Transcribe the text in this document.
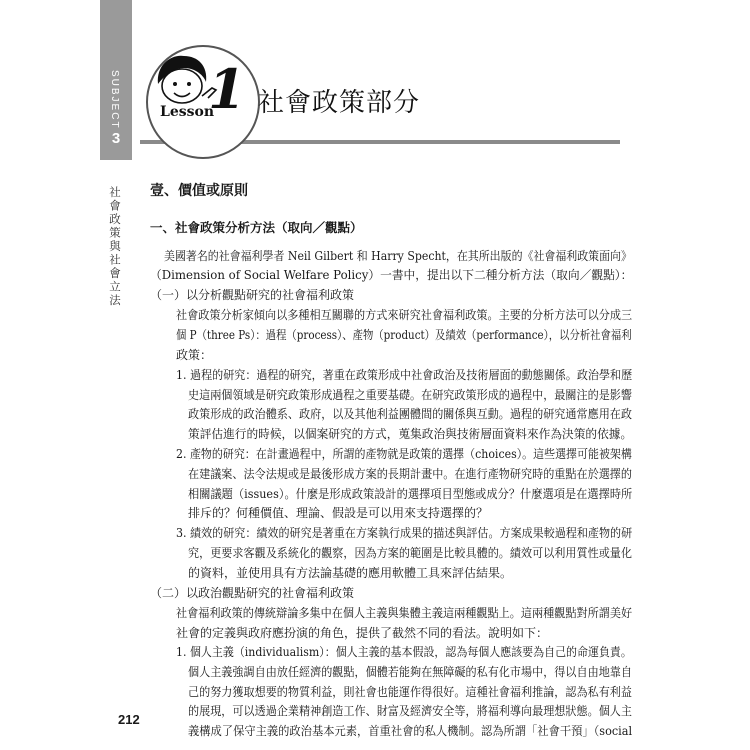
SUBJECT
3
社會政策與社會立法
Lesson
1 社會政策部分
壹、價值或原則
一、社會政策分析方法（取向／觀點）
美國著名的社會福利學者 Neil Gilbert 和 Harry Specht，在其所出版的《社會福利政策面向》
（Dimension of Social Welfare Policy）一書中，提出以下二種分析方法（取向／觀點）：
（一）以分析觀點研究的社會福利政策
社會政策分析家傾向以多種相互關聯的方式來研究社會福利政策。主要的分析方法可以分成三
個 P（three Ps）：過程（process）、產物（product）及績效（performance），以分析社會福利
政策：
1. 過程的研究：過程的研究，著重在政策形成中社會政治及技術層面的動態關係。政治學和歷
史這兩個領域是研究政策形成過程之重要基礎。在研究政策形成的過程中，最關注的是影響
政策形成的政治體系、政府，以及其他利益團體間的關係與互動。過程的研究通常應用在政
策評估進行的時候，以個案研究的方式，蒐集政治與技術層面資料來作為決策的依據。
2. 產物的研究：在計畫過程中，所謂的產物就是政策的選擇（choices）。這些選擇可能被架構
在建議案、法令法規或是最後形成方案的長期計畫中。在進行產物研究時的重點在於選擇的
相關議題（issues）。什麼是形成政策設計的選擇項目型態或成分？什麼選項是在選擇時所
排斥的？何種價值、理論、假設是可以用來支持選擇的？
3. 績效的研究：績效的研究是著重在方案執行成果的描述與評估。方案成果較過程和產物的研
究，更要求客觀及系統化的觀察，因為方案的範圍是比較具體的。績效可以利用質性或量化
的資料，並使用具有方法論基礎的應用軟體工具來評估結果。
（二）以政治觀點研究的社會福利政策
社會福利政策的傳統辯論多集中在個人主義與集體主義這兩種觀點上。這兩種觀點對所謂美好
社會的定義與政府應扮演的角色，提供了截然不同的看法。說明如下：
1. 個人主義（individualism）：個人主義的基本假設，認為每個人應該要為自己的命運負責。
個人主義強調自由放任經濟的觀點，個體若能夠在無障礙的私有化市場中，得以自由地靠自
己的努力獲取想要的物質利益，則社會也能運作得很好。這種社會福利推論，認為私有利益
的展現，可以透過企業精神創造工作、財富及經濟安全等，將福利導向最理想狀態。個人主
義構成了保守主義的政治基本元素，首重社會的私人機制。認為所謂「社會干預」（social
212
